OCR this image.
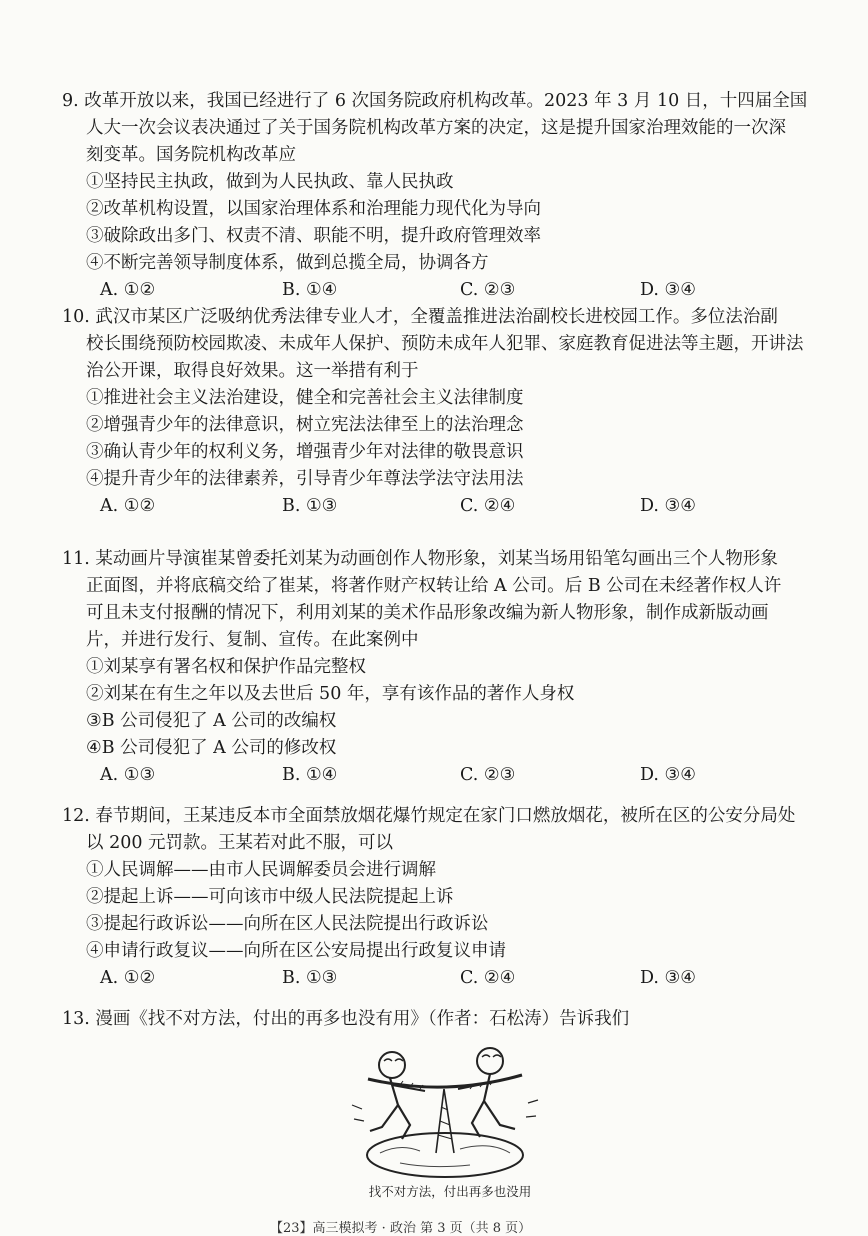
9. 改革开放以来，我国已经进行了 6 次国务院政府机构改革。2023 年 3 月 10 日，十四届全国
人大一次会议表决通过了关于国务院机构改革方案的决定，这是提升国家治理效能的一次深
刻变革。国务院机构改革应
①坚持民主执政，做到为人民执政、靠人民执政
②改革机构设置，以国家治理体系和治理能力现代化为导向
③破除政出多门、权责不清、职能不明，提升政府管理效率
④不断完善领导制度体系，做到总揽全局，协调各方
A. ①②	B. ①④	C. ②③	D. ③④
10. 武汉市某区广泛吸纳优秀法律专业人才，全覆盖推进法治副校长进校园工作。多位法治副
校长围绕预防校园欺凌、未成年人保护、预防未成年人犯罪、家庭教育促进法等主题，开讲法
治公开课，取得良好效果。这一举措有利于
①推进社会主义法治建设，健全和完善社会主义法律制度
②增强青少年的法律意识，树立宪法法律至上的法治理念
③确认青少年的权利义务，增强青少年对法律的敬畏意识
④提升青少年的法律素养，引导青少年尊法学法守法用法
A. ①②	B. ①③	C. ②④	D. ③④
11. 某动画片导演崔某曾委托刘某为动画创作人物形象，刘某当场用铅笔勾画出三个人物形象
正面图，并将底稿交给了崔某，将著作财产权转让给 A 公司。后 B 公司在未经著作权人许
可且未支付报酬的情况下，利用刘某的美术作品形象改编为新人物形象，制作成新版动画
片，并进行发行、复制、宣传。在此案例中
①刘某享有署名权和保护作品完整权
②刘某在有生之年以及去世后 50 年，享有该作品的著作人身权
③B 公司侵犯了 A 公司的改编权
④B 公司侵犯了 A 公司的修改权
A. ①③	B. ①④	C. ②③	D. ③④
12. 春节期间，王某违反本市全面禁放烟花爆竹规定在家门口燃放烟花，被所在区的公安分局处
以 200 元罚款。王某若对此不服，可以
①人民调解——由市人民调解委员会进行调解
②提起上诉——可向该市中级人民法院提起上诉
③提起行政诉讼——向所在区人民法院提出行政诉讼
④申请行政复议——向所在区公安局提出行政复议申请
A. ①②	B. ①③	C. ②④	D. ③④
13. 漫画《找不对方法，付出的再多也没有用》（作者：石松涛）告诉我们
找不对方法，付出再多也没用
【23】高三模拟考 · 政治 第 3 页（共 8 页）
